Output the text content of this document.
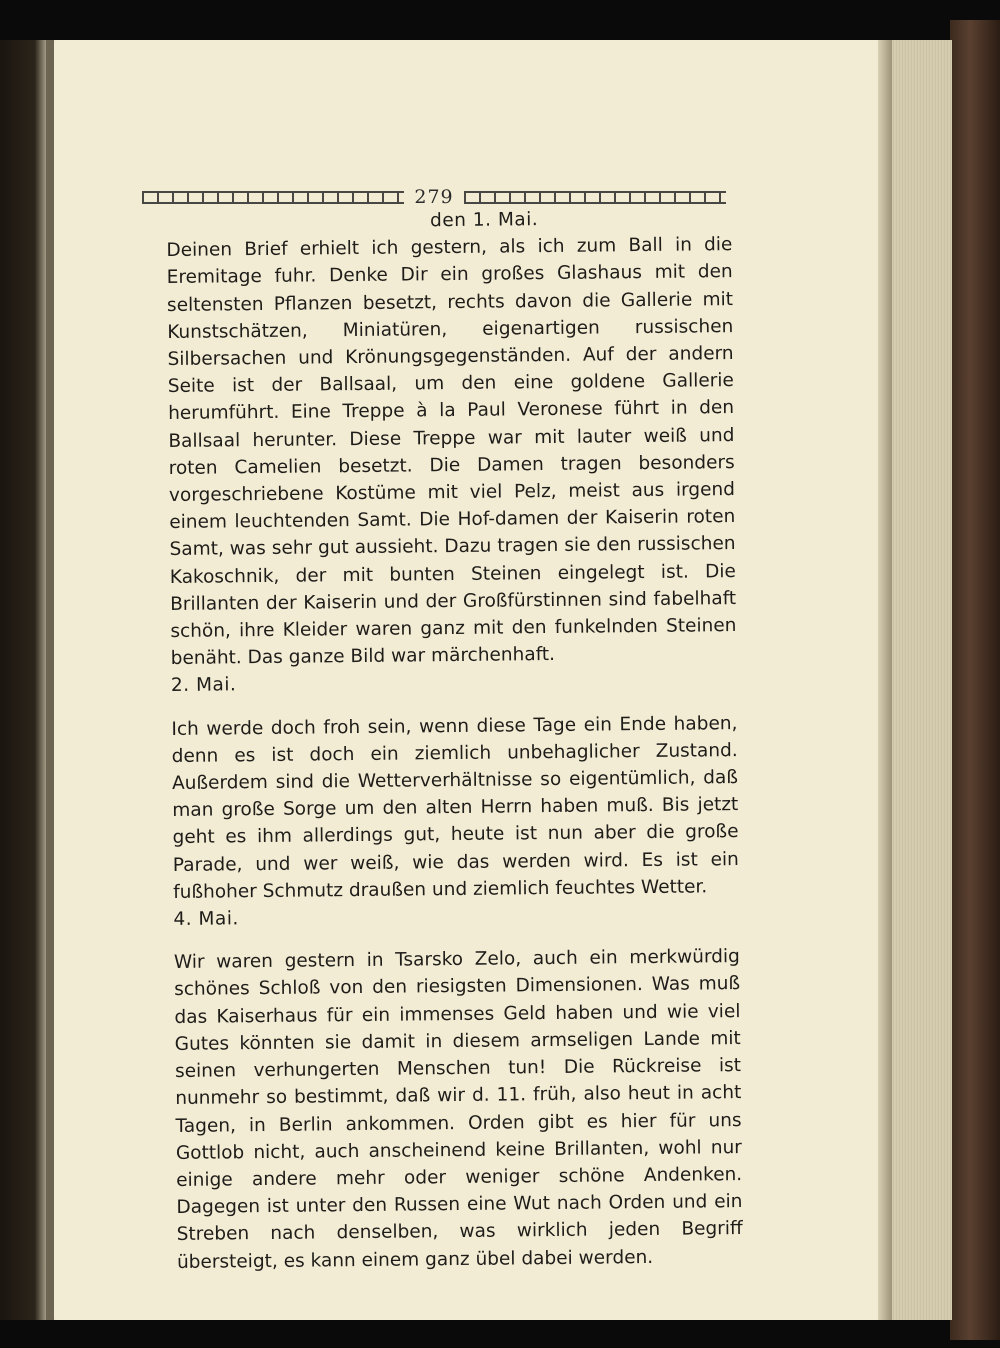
279

den 1. Mai.

Deinen Brief erhielt ich gestern, als ich zum Ball in die Eremitage fuhr. Denke Dir ein großes Glashaus mit den seltensten Pflanzen besetzt, rechts davon die Gallerie mit Kunstschätzen, Miniatüren, eigenartigen russischen Silbersachen und Krönungsgegenständen. Auf der andern Seite ist der Ballsaal, um den eine goldene Gallerie herumführt. Eine Treppe à la Paul Veronese führt in den Ballsaal herunter. Diese Treppe war mit lauter weiß und roten Camelien besetzt. Die Damen tragen besonders vorgeschriebene Kostüme mit viel Pelz, meist aus irgend einem leuchtenden Samt. Die Hof-damen der Kaiserin roten Samt, was sehr gut aussieht. Dazu tragen sie den russischen Kakoschnik, der mit bunten Steinen eingelegt ist. Die Brillanten der Kaiserin und der Großfürstinnen sind fabelhaft schön, ihre Kleider waren ganz mit den funkelnden Steinen benäht. Das ganze Bild war märchenhaft.

2. Mai.

Ich werde doch froh sein, wenn diese Tage ein Ende haben, denn es ist doch ein ziemlich unbehaglicher Zustand. Außerdem sind die Wetterverhältnisse so eigentümlich, daß man große Sorge um den alten Herrn haben muß. Bis jetzt geht es ihm allerdings gut, heute ist nun aber die große Parade, und wer weiß, wie das werden wird. Es ist ein fußhoher Schmutz draußen und ziemlich feuchtes Wetter.

4. Mai.

Wir waren gestern in Tsarsko Zelo, auch ein merkwürdig schönes Schloß von den riesigsten Dimensionen. Was muß das Kaiserhaus für ein immenses Geld haben und wie viel Gutes könnten sie damit in diesem armseligen Lande mit seinen verhungerten Menschen tun! Die Rückreise ist nunmehr so bestimmt, daß wir d. 11. früh, also heut in acht Tagen, in Berlin ankommen. Orden gibt es hier für uns Gottlob nicht, auch anscheinend keine Brillanten, wohl nur einige andere mehr oder weniger schöne Andenken. Dagegen ist unter den Russen eine Wut nach Orden und ein Streben nach denselben, was wirklich jeden Begriff übersteigt, es kann einem ganz übel dabei werden.
